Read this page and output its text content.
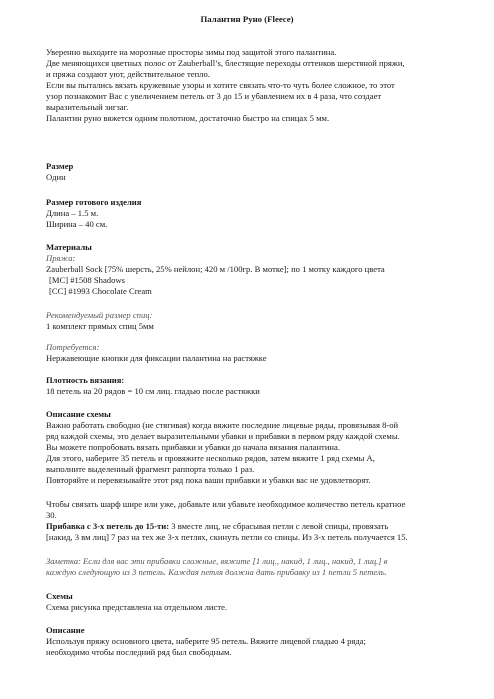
Палантин Руно (Fleece)

Уверенно выходите на морозные просторы зимы под защитой этого палантина.

Две меняющихся цветных полос от Zauberball’s, блестящие переходы оттенков шерстяной пряжи,

и пряжа создают уют, действительное тепло.

Если вы пытались вязать кружевные узоры и хотите связать что-то чуть более сложное, то этот

узор познакомит Вас с увеличением петель от 3 до 15 и убавлением их в 4 раза, что создает

выразительный зигзаг.

Палантин руно вяжется одним полотном, достаточно быстро на спицах 5 мм.

Размер

Один

Размер готового изделия

Длина – 1.5 м.

Ширина – 40 см.

Материалы

Пряжа:

Zauberball Sock [75% шерсть, 25% нейлон; 420 м /100гр. В мотке]; по 1 мотку каждого цвета

[MC] #1508 Shadows

[CC] #1993 Chocolate Cream

Рекомендуемый размер спиц:

1 комплект прямых спиц 5мм

Потребуется:

Нержавеющие кнопки для фиксации палантина на растяжке

Плотность вязания:

18 петель на 20 рядов = 10 см лиц. гладью после растяжки

Описание схемы

Важно работать свободно (не стягивая) когда вяжите последние лицевые ряды, провязывая 8-ой

ряд каждой схемы, это делает выразительными убавки и прибавки в первом ряду каждой схемы.

Вы можете попробовать вязать прибавки и убавки до начала вязания палантина.

Для этого, наберите 35 петель и провяжите несколько рядов, затем вяжите 1 ряд схемы А,

выполните выделенный фрагмент раппорта только 1 раз.

Повторяйте и перевязывайте этот ряд пока ваши прибавки и убавки вас не удовлетворят.

Чтобы связать шарф шире или уже, добавьте или убавьте необходимое количество петель кратное

30.

Прибавка с 3-х петель до 15-ти: 3 вместе лиц, не сбрасывая петли с левой спицы, провязать

[накид, 3 вм лиц] 7 раз на тех же 3-х петлях, скинуть петли со спицы. Из 3-х петель получается 15.

Заметка: Если для вас эти прибавки сложные, вяжите [1 лиц., накид, 1 лиц., накид, 1 лиц.] в

каждую следующую из 3 петель. Каждая петля должна дать прибавку из 1 петли 5 петель.

Схемы

Схема рисунка представлена на отдельном листе.

Описание

Используя пряжу основного цвета, наберите 95 петель. Вяжите лицевой гладью 4 ряда;

необходимо чтобы последний ряд был свободным.
